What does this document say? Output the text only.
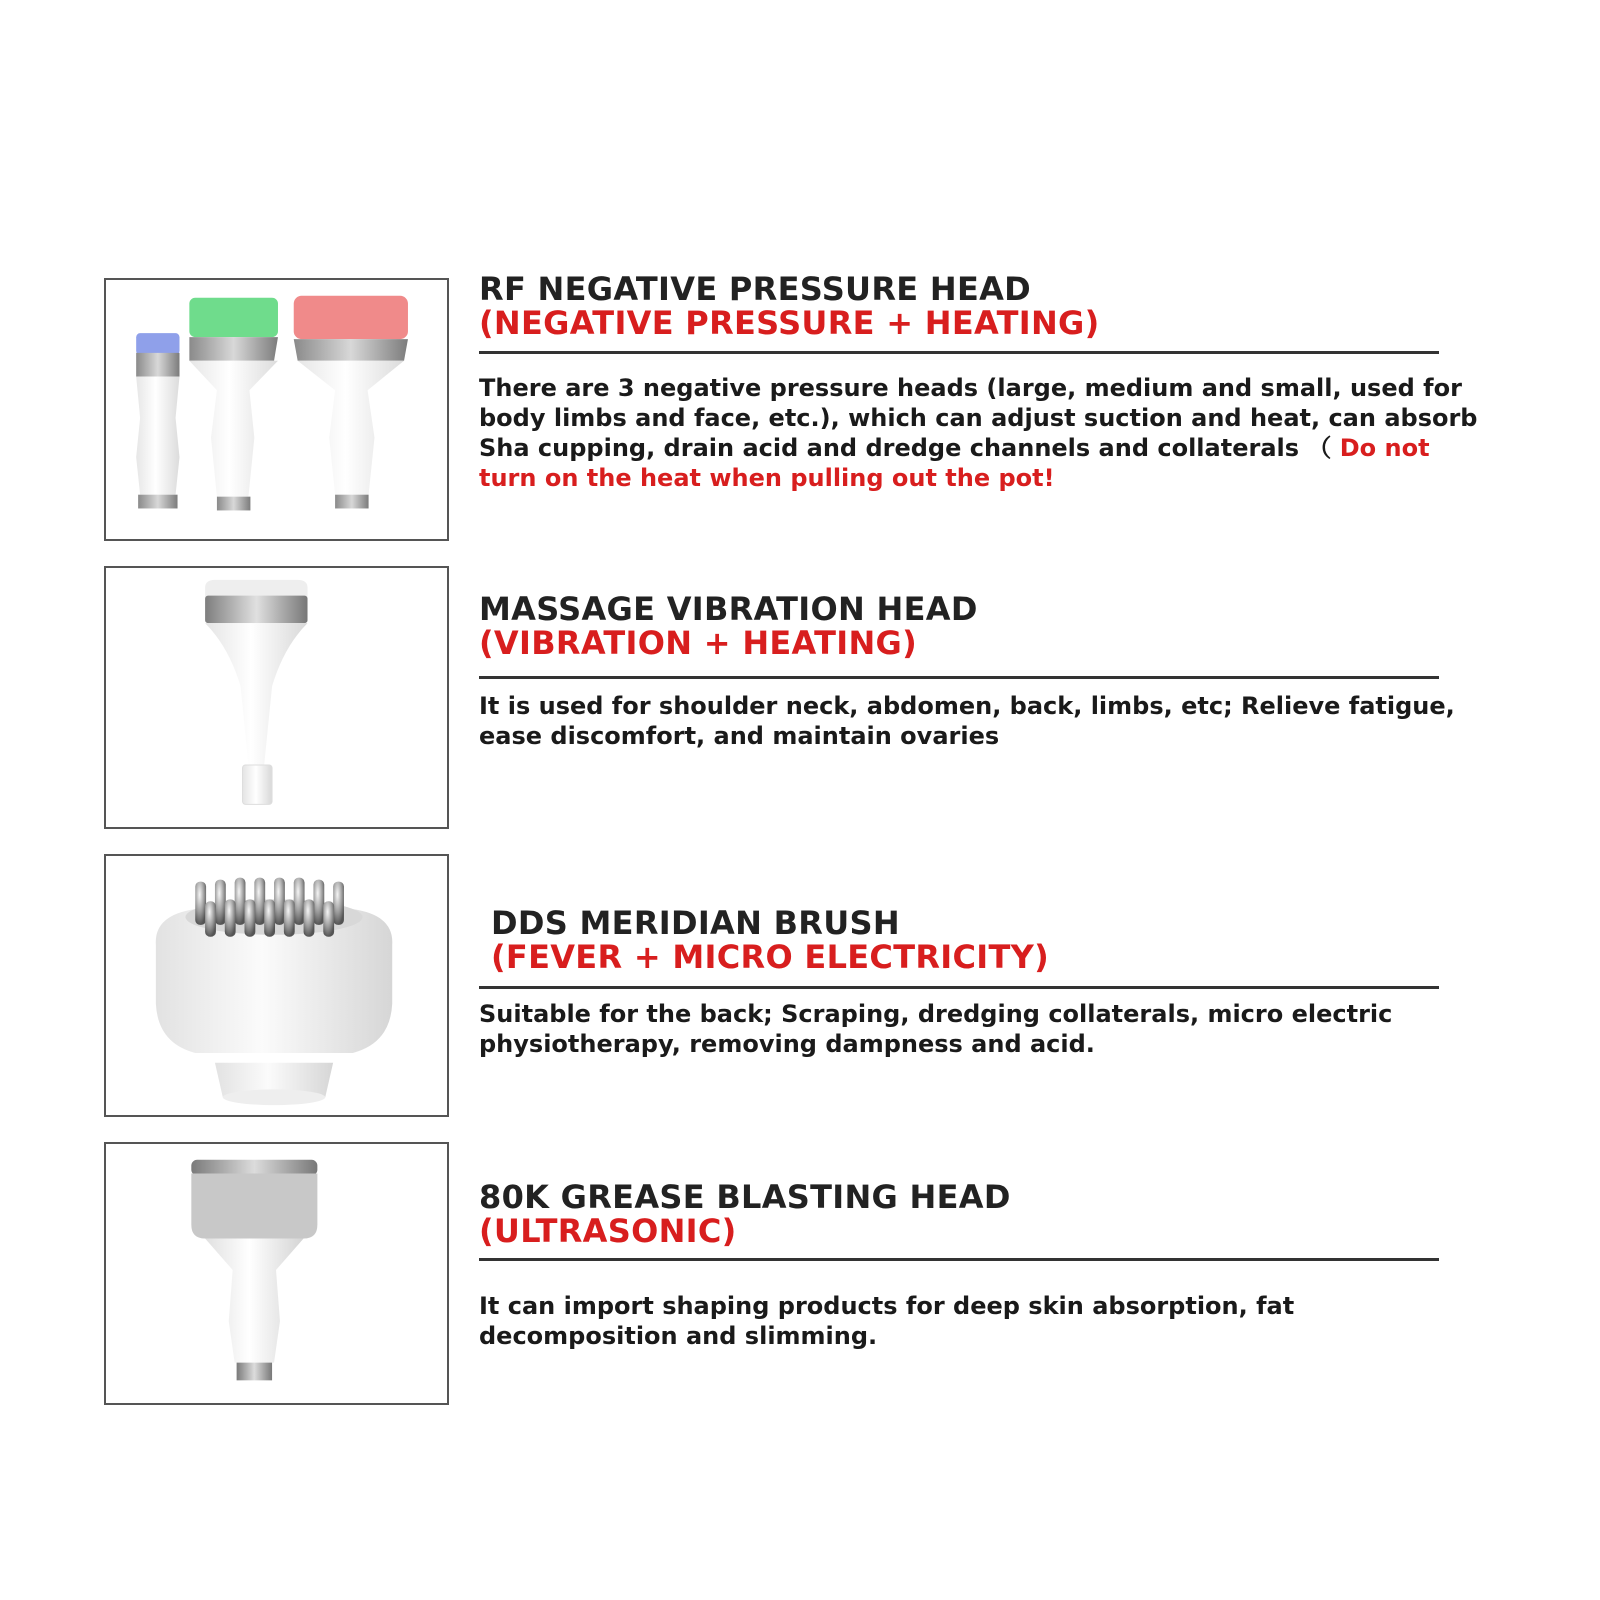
RF NEGATIVE PRESSURE HEAD
(NEGATIVE PRESSURE + HEATING)
There are 3 negative pressure heads (large, medium and small, used for body limbs and face, etc.), which can adjust suction and heat, can absorb Sha cupping, drain acid and dredge channels and collaterals （ Do not turn on the heat when pulling out the pot!
MASSAGE VIBRATION HEAD
(VIBRATION + HEATING)
It is used for shoulder neck, abdomen, back, limbs, etc; Relieve fatigue, ease discomfort, and maintain ovaries
DDS MERIDIAN BRUSH
(FEVER + MICRO ELECTRICITY)
Suitable for the back; Scraping, dredging collaterals, micro electric physiotherapy, removing dampness and acid.
80K GREASE BLASTING HEAD
(ULTRASONIC)
It can import shaping products for deep skin absorption, fat decomposition and slimming.
